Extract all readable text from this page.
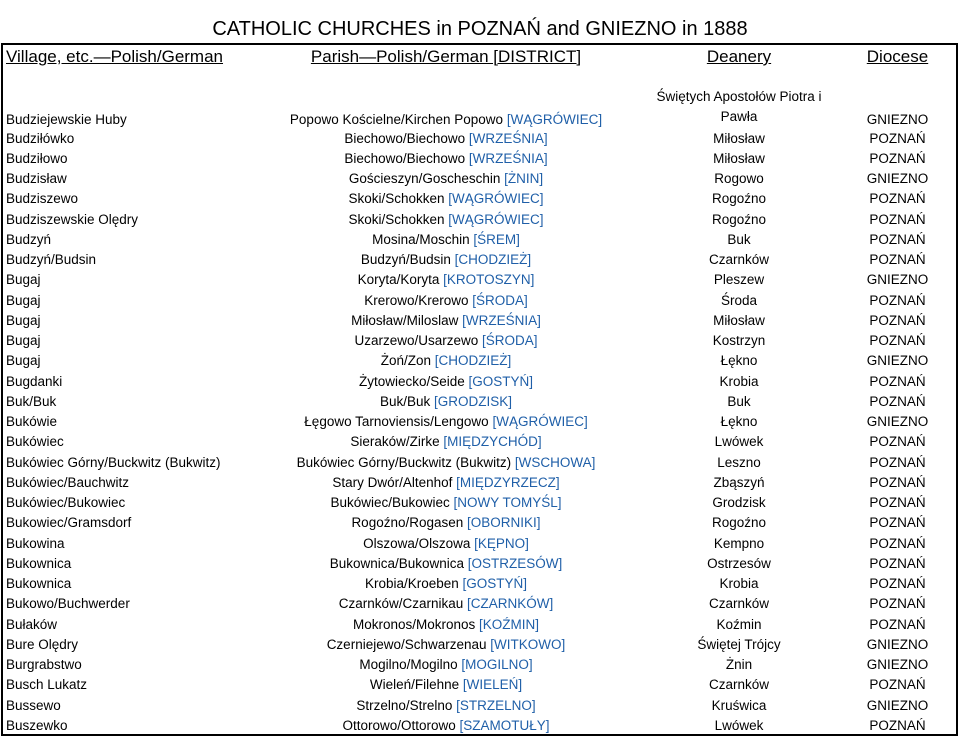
CATHOLIC CHURCHES in POZNAŃ and GNIEZNO in 1888
Village, etc.—Polish/German	Parish—Polish/German [DISTRICT]	Deanery	Diocese
Budziejewskie Huby	Popowo Kościelne/Kirchen Popowo [WĄGRÓWIEC]	Świętych Apostołów Piotra i Pawła	GNIEZNO
Budziłówko	Biechowo/Biechowo [WRZEŚNIA]	Miłosław	POZNAŃ
Budziłowo	Biechowo/Biechowo [WRZEŚNIA]	Miłosław	POZNAŃ
Budzisław	Gościeszyn/Goscheschin [ŻNIN]	Rogowo	GNIEZNO
Budziszewo	Skoki/Schokken [WĄGRÓWIEC]	Rogoźno	POZNAŃ
Budziszewskie Olędry	Skoki/Schokken [WĄGRÓWIEC]	Rogoźno	POZNAŃ
Budzyń	Mosina/Moschin [ŚREM]	Buk	POZNAŃ
Budzyń/Budsin	Budzyń/Budsin [CHODZIEŻ]	Czarnków	POZNAŃ
Bugaj	Koryta/Koryta [KROTOSZYN]	Pleszew	GNIEZNO
Bugaj	Krerowo/Krerowo [ŚRODA]	Środa	POZNAŃ
Bugaj	Miłosław/Miloslaw [WRZEŚNIA]	Miłosław	POZNAŃ
Bugaj	Uzarzewo/Usarzewo [ŚRODA]	Kostrzyn	POZNAŃ
Bugaj	Żoń/Zon [CHODZIEŻ]	Łękno	GNIEZNO
Bugdanki	Żytowiecko/Seide [GOSTYŃ]	Krobia	POZNAŃ
Buk/Buk	Buk/Buk [GRODZISK]	Buk	POZNAŃ
Bukówie	Łęgowo Tarnoviensis/Lengowo [WĄGRÓWIEC]	Łękno	GNIEZNO
Bukówiec	Sieraków/Zirke [MIĘDZYCHÓD]	Lwówek	POZNAŃ
Bukówiec Górny/Buckwitz (Bukwitz)	Bukówiec Górny/Buckwitz (Bukwitz) [WSCHOWA]	Leszno	POZNAŃ
Bukówiec/Bauchwitz	Stary Dwór/Altenhof [MIĘDZYRZECZ]	Zbąszyń	POZNAŃ
Bukówiec/Bukowiec	Bukówiec/Bukowiec [NOWY TOMYŚL]	Grodzisk	POZNAŃ
Bukowiec/Gramsdorf	Rogoźno/Rogasen [OBORNIKI]	Rogoźno	POZNAŃ
Bukowina	Olszowa/Olszowa [KĘPNO]	Kempno	POZNAŃ
Bukownica	Bukownica/Bukownica [OSTRZESÓW]	Ostrzesów	POZNAŃ
Bukownica	Krobia/Kroeben [GOSTYŃ]	Krobia	POZNAŃ
Bukowo/Buchwerder	Czarnków/Czarnikau [CZARNKÓW]	Czarnków	POZNAŃ
Bułaków	Mokronos/Mokronos [KOŹMIN]	Koźmin	POZNAŃ
Bure Olędry	Czerniejewo/Schwarzenau [WITKOWO]	Świętej Trójcy	GNIEZNO
Burgrabstwo	Mogilno/Mogilno [MOGILNO]	Żnin	GNIEZNO
Busch Lukatz	Wieleń/Filehne [WIELEŃ]	Czarnków	POZNAŃ
Bussewo	Strzelno/Strelno [STRZELNO]	Kruświca	GNIEZNO
Buszewko	Ottorowo/Ottorowo [SZAMOTUŁY]	Lwówek	POZNAŃ
